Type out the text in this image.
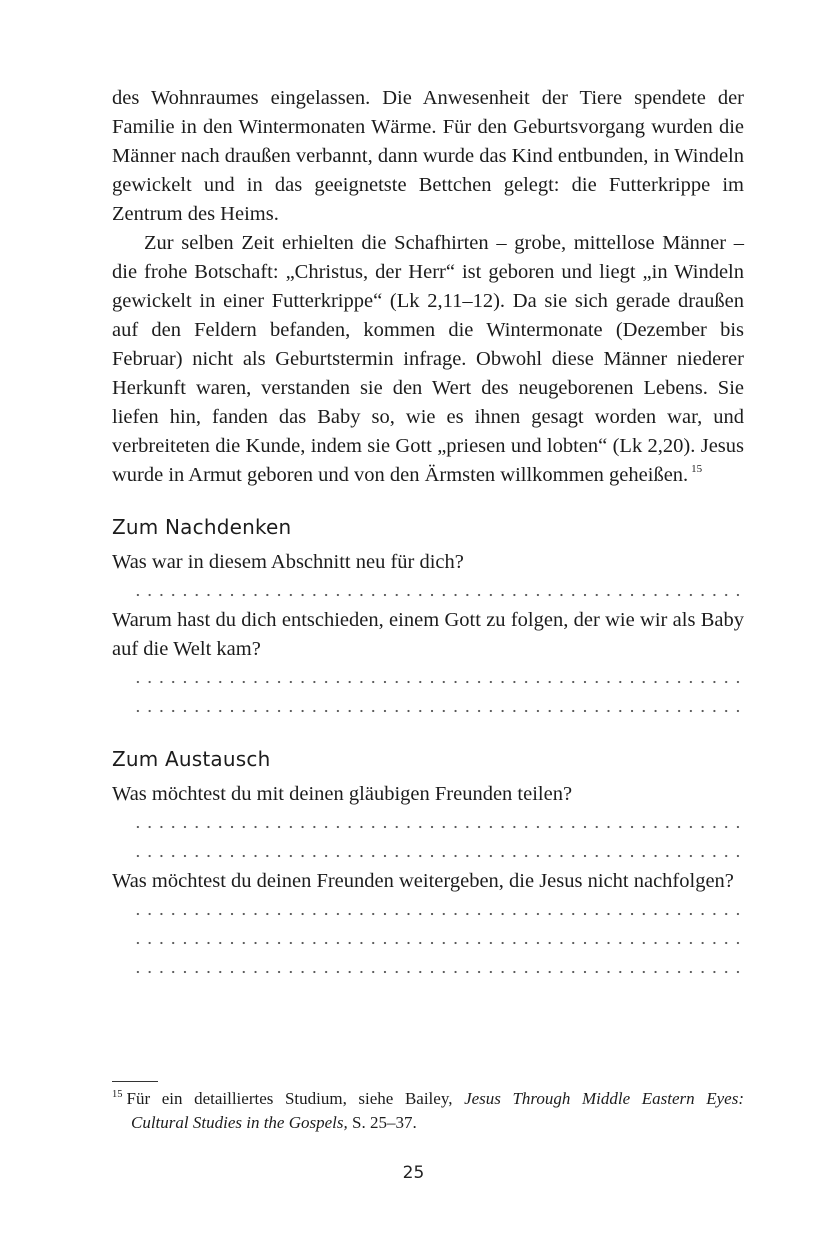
des Wohnraumes eingelassen. Die Anwesenheit der Tiere spendete der Familie in den Wintermonaten Wärme. Für den Geburtsvorgang wurden die Männer nach draußen verbannt, dann wurde das Kind entbunden, in Windeln gewickelt und in das geeignetste Bettchen gelegt: die Futterkrippe im Zentrum des Heims.

Zur selben Zeit erhielten die Schafhirten – grobe, mittellose Männer – die frohe Botschaft: „Christus, der Herr“ ist geboren und liegt „in Windeln gewickelt in einer Futterkrippe“ (Lk 2,11–12). Da sie sich gerade draußen auf den Feldern befanden, kommen die Wintermonate (Dezember bis Februar) nicht als Geburtstermin infrage. Obwohl diese Männer niederer Herkunft waren, verstanden sie den Wert des neugeborenen Lebens. Sie liefen hin, fanden das Baby so, wie es ihnen gesagt worden war, und verbreiteten die Kunde, indem sie Gott „priesen und lobten“ (Lk 2,20). Jesus wurde in Armut geboren und von den Ärmsten willkommen geheißen. $^{15}$

Zum Nachdenken

Was war in diesem Abschnitt neu für dich?

Warum hast du dich entschieden, einem Gott zu folgen, der wie wir als Baby auf die Welt kam?

Zum Austausch

Was möchtest du mit deinen gläubigen Freunden teilen?

Was möchtest du deinen Freunden weitergeben, die Jesus nicht nachfolgen?

$^{15}$ Für ein detailliertes Studium, siehe Bailey, Jesus Through Middle Eastern Eyes:
Cultural Studies in the Gospels, S. 25–37.
25
